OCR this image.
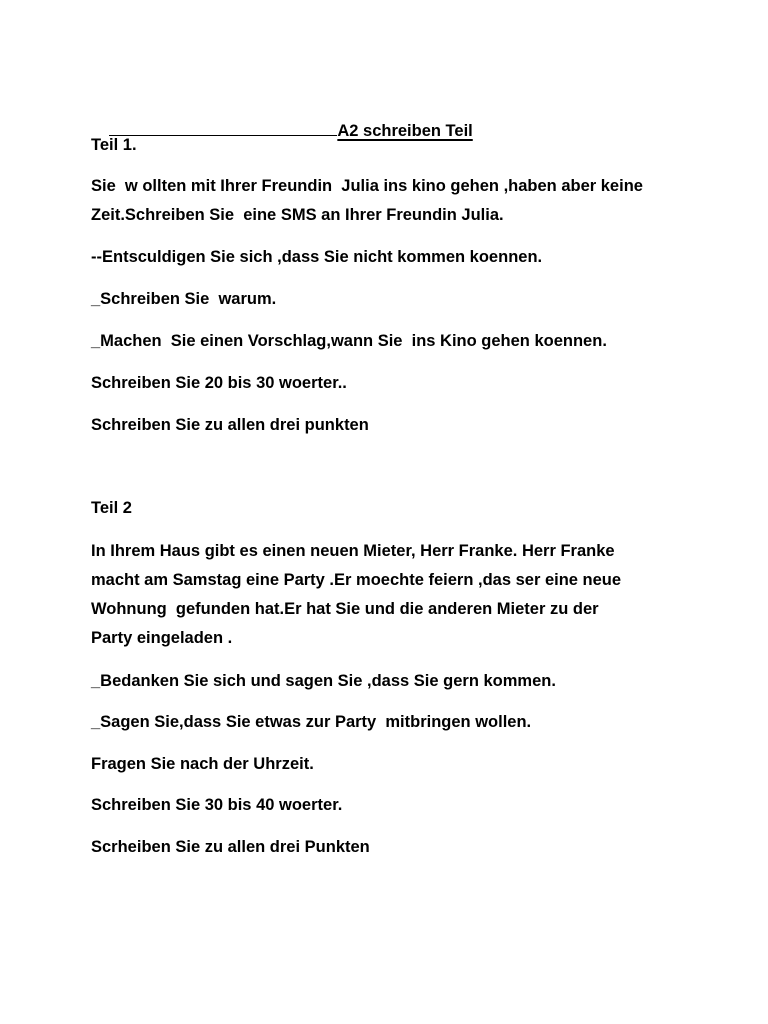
A2 schreiben Teil

Teil 1.

Sie  w ollten mit Ihrer Freundin  Julia ins kino gehen ,haben aber keine
Zeit.Schreiben Sie  eine SMS an Ihrer Freundin Julia.

--Entsculdigen Sie sich ,dass Sie nicht kommen koennen.

_Schreiben Sie  warum.

_Machen  Sie einen Vorschlag,wann Sie  ins Kino gehen koennen.

Schreiben Sie 20 bis 30 woerter..

Schreiben Sie zu allen drei punkten

Teil 2

In Ihrem Haus gibt es einen neuen Mieter, Herr Franke. Herr Franke
macht am Samstag eine Party .Er moechte feiern ,das ser eine neue
Wohnung  gefunden hat.Er hat Sie und die anderen Mieter zu der
Party eingeladen .

_Bedanken Sie sich und sagen Sie ,dass Sie gern kommen.

_Sagen Sie,dass Sie etwas zur Party  mitbringen wollen.

Fragen Sie nach der Uhrzeit.

Schreiben Sie 30 bis 40 woerter.

Scrheiben Sie zu allen drei Punkten
